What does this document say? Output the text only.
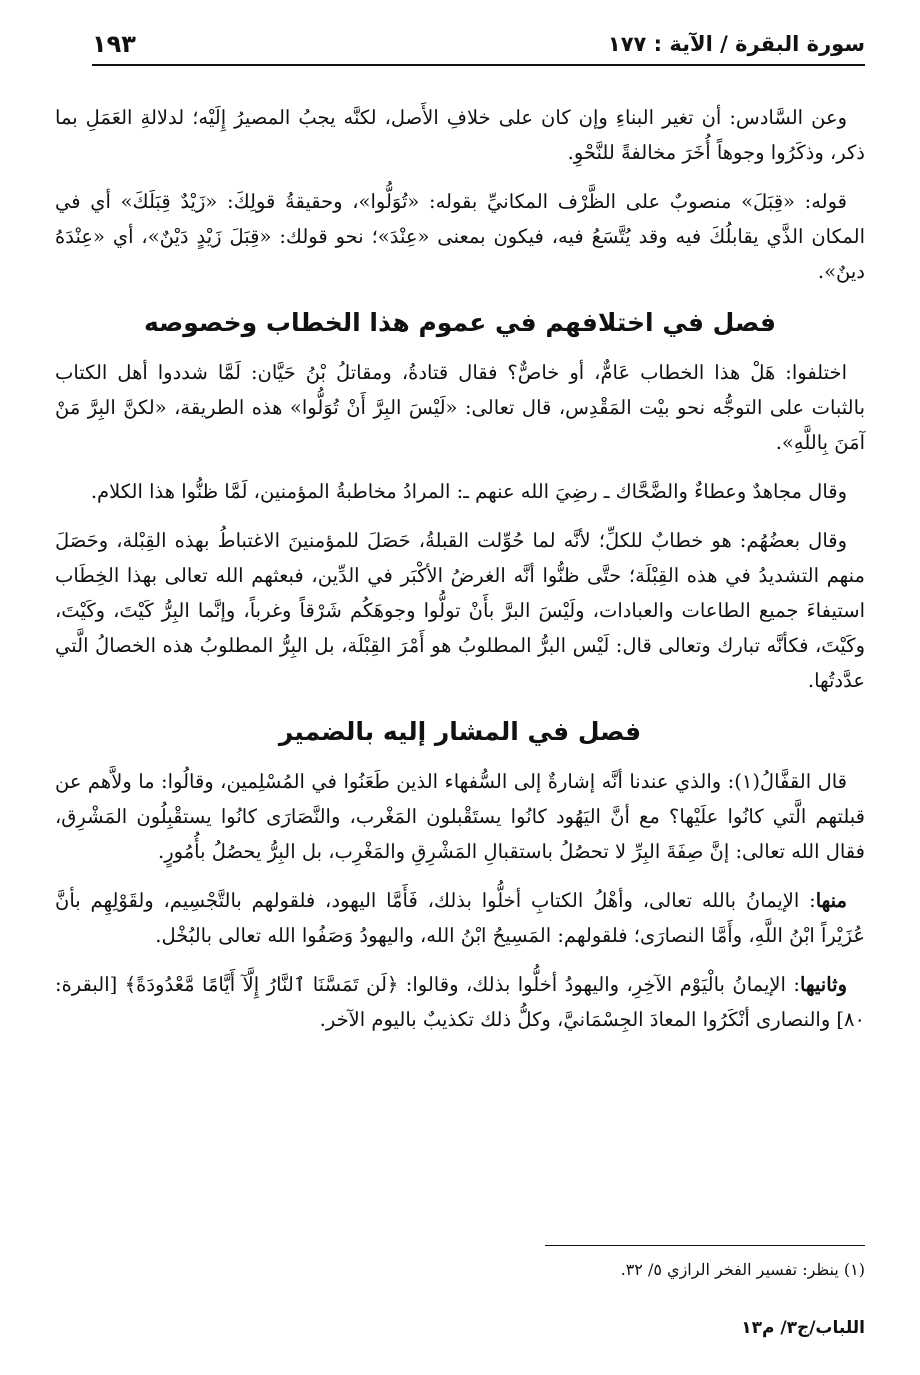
سورة البقرة / الآية : ١٧٧
١٩٣

وعن السَّادس: أن تغير البناءِ وإن كان على خلافِ الأَصل، لكنَّه يجبُ المصيرُ إِلَيْه؛ لدلالةِ العَمَلِ بما ذكر، وذكَرُوا وجوهاً أُخَرَ مخالفةً للنَّحْوِ.

قوله: «قِبَلَ» منصوبٌ على الظَّرْف المكانيِّ بقوله: «تُوَلُّوا»، وحقيقةُ قولِكَ: «زَيْدٌ قِبَلَكَ» أي في المكان الذَّي يقابلُكَ فيه وقد يُتَّسَعُ فيه، فيكون بمعنى «عِنْدَ»؛ نحو قولك: «قِبَلَ زَيْدٍ دَيْنٌ»، أي «عِنْدَهُ دينٌ».

فصل في اختلافهم في عموم هذا الخطاب وخصوصه

اختلفوا: هَلْ هذا الخطاب عَامٌّ، أو خاصٌّ؟ فقال قتادةُ، ومقاتلُ بْنُ حَيَّان: لَمَّا شددوا أهل الكتاب بالثبات على التوجُّه نحو بيْت المَقْدِس، قال تعالى: «لَيْسَ البِرَّ أَنْ تُوَلُّوا» هذه الطريقة، «لكنَّ البِرَّ مَنْ آمَنَ بِاللَّهِ».

وقال مجاهدٌ وعطاءٌ والضَّحَّاك ـ رضِيَ الله عنهم ـ: المرادُ مخاطبةُ المؤمنين، لَمَّا ظنُّوا هذا الكلام.

وقال بعضُهُم: هو خطابٌ للكلِّ؛ لأنَّه لما حُوِّلت القبلةُ، حَصَلَ للمؤمنينَ الاغتباطُ بهذه القِبْلة، وحَصَلَ منهم التشديدُ في هذه القِبْلَة؛ حتَّى ظنُّوا أنَّه الغرضُ الأكْبَر في الدِّين، فبعثهم الله تعالى بهذا الخِطَاب استيفاءَ جميع الطاعات والعبادات، ولَيْسَ البرَّ بأَنْ تولُّوا وجوهَكُم شَرْقاً وغرباً، وإنَّما البِرُّ كَيْتَ، وكَيْتَ، وكَيْتَ، فكأنَّه تبارك وتعالى قال: لَيْس البرُّ المطلوبُ هو أَمْرَ القِبْلَة، بل البِرُّ المطلوبُ هذه الخصالُ الَّتي عدَّدتُها.

فصل في المشار إليه بالضمير

قال القفَّالُ(١): والذي عندنا أنَّه إشارةٌ إلى السُّفهاء الذين طَعَنُوا في المُسْلِمين، وقالُوا: ما ولاَّهم عن قبلتهم الَّتي كانُوا علَيْها؟ مع أنَّ اليَهُود كانُوا يستَقْبلون المَغْرب، والنَّصَارَى كانُوا يستقْبِلُون المَشْرِق، فقال الله تعالى: إنَّ صِفَةَ البِرِّ لا تحصُلُ باستقبالِ المَشْرِقِ والمَغْرِب، بل البِرُّ يحصُلُ بأُمُورٍ.

منها: الإيمانُ بالله تعالى، وأهْلُ الكتابِ أخلُّوا بذلك، فَأَمَّا اليهود، فلقولهم بالتَّجْسِيم، ولقَوْلِهِم بأنَّ عُزَيْراً ابْنُ اللَّهِ، وأَمَّا النصارَى؛ فلقولهم: المَسِيحُ ابْنُ الله، واليهودُ وَصَفُوا الله تعالى بالبُخْل.

وثانيها: الإيمانُ بالْيَوْم الآخِرِ، واليهودُ أخلُّوا بذلك، وقالوا: ﴿لَن تَمَسَّنَا ٱلنَّارُ إِلَّآ أَيَّامًا مَّعْدُودَةً﴾ [البقرة: ٨٠] والنصارى أنْكَرُوا المعادَ الجِسْمَانيَّ، وكلُّ ذلك تكذيبٌ باليوم الآخر.

(١) ينظر: تفسير الفخر الرازي ٥/ ٣٢.
اللباب/ج٣/ م١٣
